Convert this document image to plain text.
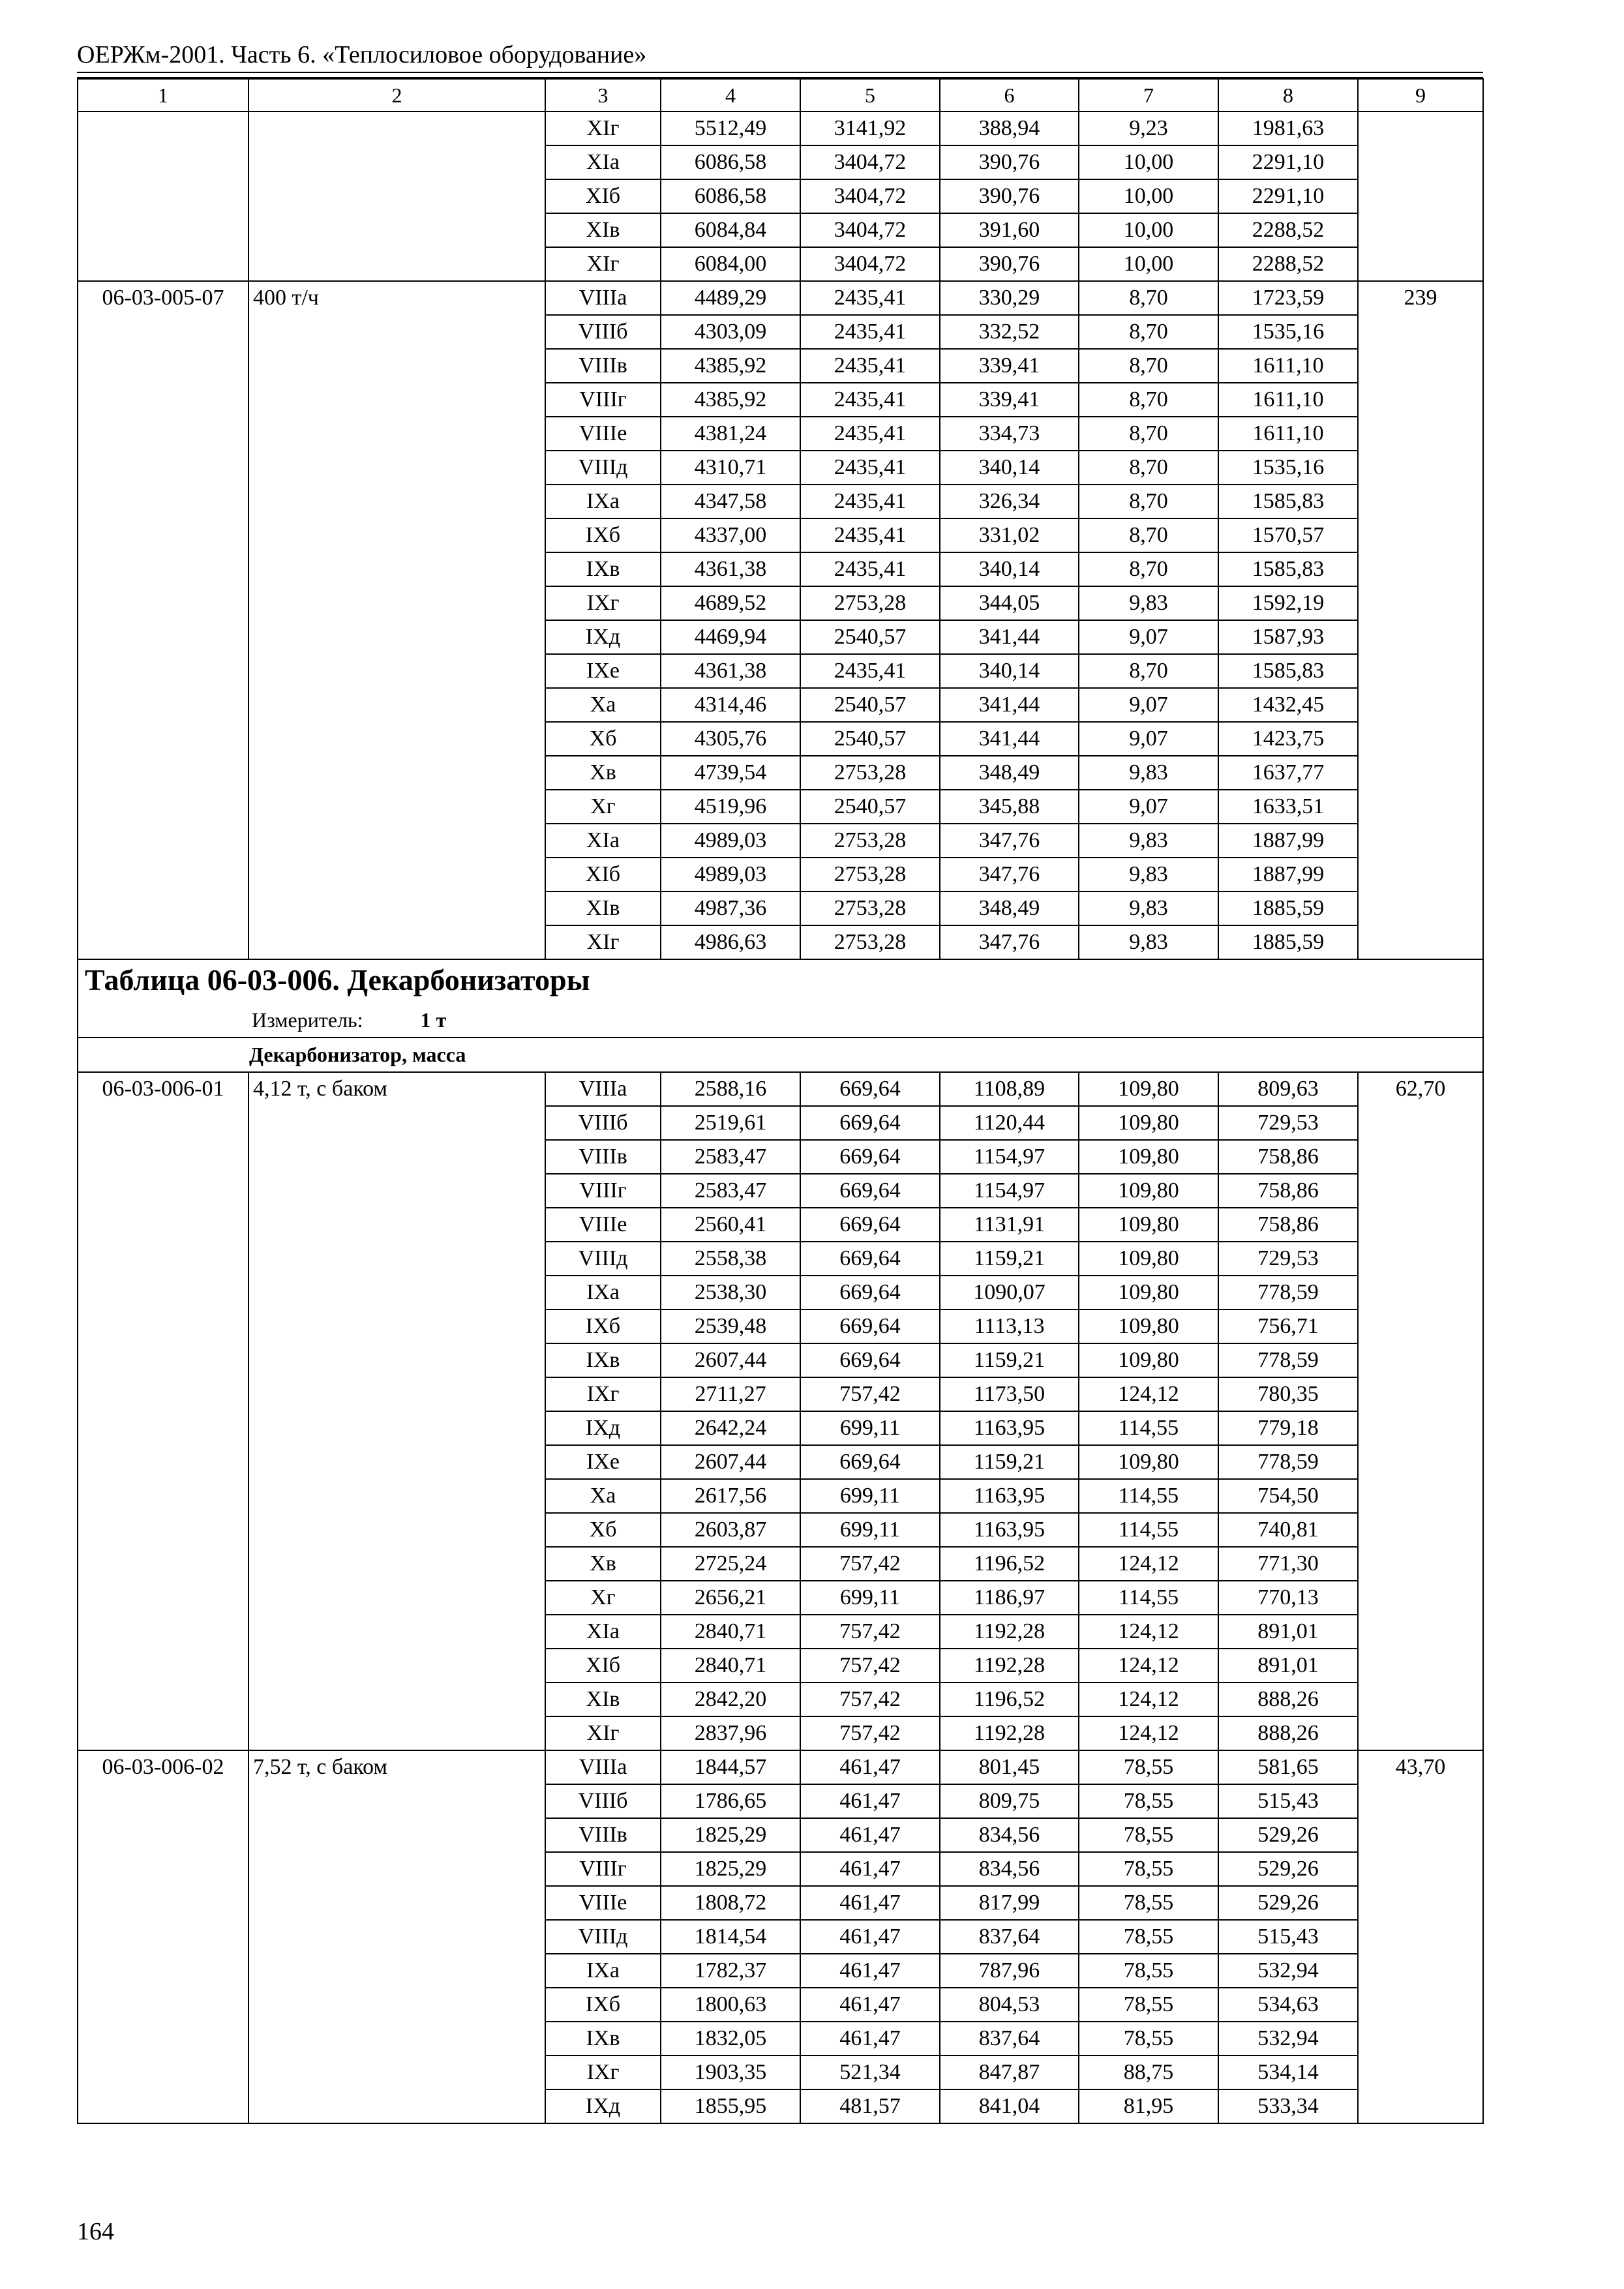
ОЕРЖм-2001. Часть 6. «Теплосиловое оборудование»
1	2	3	4	5	6	7	8	9
		XIг	5512,49	3141,92	388,94	9,23	1981,63	
		XIа	6086,58	3404,72	390,76	10,00	2291,10	
		XIб	6086,58	3404,72	390,76	10,00	2291,10	
		XIв	6084,84	3404,72	391,60	10,00	2288,52	
		XIг	6084,00	3404,72	390,76	10,00	2288,52	
06-03-005-07	400 т/ч	VIIIа	4489,29	2435,41	330,29	8,70	1723,59	239
		VIIIб	4303,09	2435,41	332,52	8,70	1535,16	
		VIIIв	4385,92	2435,41	339,41	8,70	1611,10	
		VIIIг	4385,92	2435,41	339,41	8,70	1611,10	
		VIIIе	4381,24	2435,41	334,73	8,70	1611,10	
		VIIIд	4310,71	2435,41	340,14	8,70	1535,16	
		IXа	4347,58	2435,41	326,34	8,70	1585,83	
		IXб	4337,00	2435,41	331,02	8,70	1570,57	
		IXв	4361,38	2435,41	340,14	8,70	1585,83	
		IXг	4689,52	2753,28	344,05	9,83	1592,19	
		IXд	4469,94	2540,57	341,44	9,07	1587,93	
		IXе	4361,38	2435,41	340,14	8,70	1585,83	
		Xа	4314,46	2540,57	341,44	9,07	1432,45	
		Xб	4305,76	2540,57	341,44	9,07	1423,75	
		Xв	4739,54	2753,28	348,49	9,83	1637,77	
		Xг	4519,96	2540,57	345,88	9,07	1633,51	
		XIа	4989,03	2753,28	347,76	9,83	1887,99	
		XIб	4989,03	2753,28	347,76	9,83	1887,99	
		XIв	4987,36	2753,28	348,49	9,83	1885,59	
		XIг	4986,63	2753,28	347,76	9,83	1885,59	
Таблица 06-03-006. Декарбонизаторы								
Измеритель: 1 т								
Декарбонизатор, масса								
06-03-006-01	4,12 т, с баком	VIIIа	2588,16	669,64	1108,89	109,80	809,63	62,70
		VIIIб	2519,61	669,64	1120,44	109,80	729,53	
		VIIIв	2583,47	669,64	1154,97	109,80	758,86	
		VIIIг	2583,47	669,64	1154,97	109,80	758,86	
		VIIIе	2560,41	669,64	1131,91	109,80	758,86	
		VIIIд	2558,38	669,64	1159,21	109,80	729,53	
		IXа	2538,30	669,64	1090,07	109,80	778,59	
		IXб	2539,48	669,64	1113,13	109,80	756,71	
		IXв	2607,44	669,64	1159,21	109,80	778,59	
		IXг	2711,27	757,42	1173,50	124,12	780,35	
		IXд	2642,24	699,11	1163,95	114,55	779,18	
		IXе	2607,44	669,64	1159,21	109,80	778,59	
		Xа	2617,56	699,11	1163,95	114,55	754,50	
		Xб	2603,87	699,11	1163,95	114,55	740,81	
		Xв	2725,24	757,42	1196,52	124,12	771,30	
		Xг	2656,21	699,11	1186,97	114,55	770,13	
		XIа	2840,71	757,42	1192,28	124,12	891,01	
		XIб	2840,71	757,42	1192,28	124,12	891,01	
		XIв	2842,20	757,42	1196,52	124,12	888,26	
		XIг	2837,96	757,42	1192,28	124,12	888,26	
06-03-006-02	7,52 т, с баком	VIIIа	1844,57	461,47	801,45	78,55	581,65	43,70
		VIIIб	1786,65	461,47	809,75	78,55	515,43	
		VIIIв	1825,29	461,47	834,56	78,55	529,26	
		VIIIг	1825,29	461,47	834,56	78,55	529,26	
		VIIIе	1808,72	461,47	817,99	78,55	529,26	
		VIIIд	1814,54	461,47	837,64	78,55	515,43	
		IXа	1782,37	461,47	787,96	78,55	532,94	
		IXб	1800,63	461,47	804,53	78,55	534,63	
		IXв	1832,05	461,47	837,64	78,55	532,94	
		IXг	1903,35	521,34	847,87	88,75	534,14	
		IXд	1855,95	481,57	841,04	81,95	533,34	
164
